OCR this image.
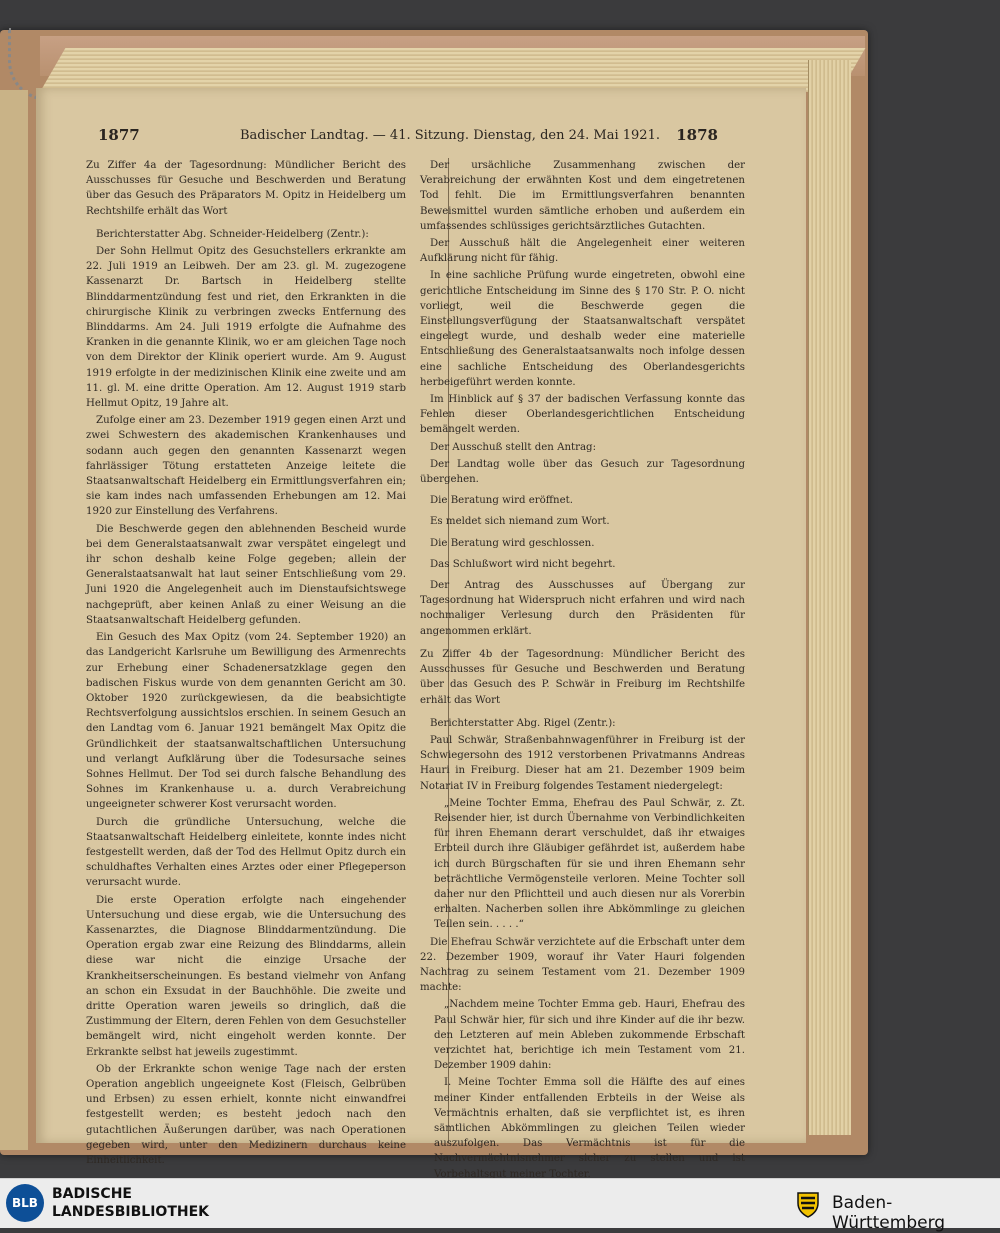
1877	Badischer Landtag. — 41. Sitzung. Dienstag, den 24. Mai 1921. 1878

Zu Ziffer 4a der Tagesordnung: Mündlicher Bericht des Ausschusses für Gesuche und Beschwerden und Beratung über das Gesuch des Präparators M. Opitz in Heidelberg um Rechtshilfe erhält das Wort

Berichterstatter Abg. Schneider-Heidelberg (Zentr.):

Der Sohn Hellmut Opitz des Gesuchstellers erkrankte am 22. Juli 1919 an Leibweh. Der am 23. gl. M. zugezogene Kassenarzt Dr. Bartsch in Heidelberg stellte Blinddarmentzündung fest und riet, den Erkrankten in die chirurgische Klinik zu verbringen zwecks Entfernung des Blinddarms. Am 24. Juli 1919 erfolgte die Aufnahme des Kranken in die genannte Klinik, wo er am gleichen Tage noch von dem Direktor der Klinik operiert wurde. Am 9. August 1919 erfolgte in der medizinischen Klinik eine zweite und am 11. gl. M. eine dritte Operation. Am 12. August 1919 starb Hellmut Opitz, 19 Jahre alt.

Zufolge einer am 23. Dezember 1919 gegen einen Arzt und zwei Schwestern des akademischen Krankenhauses und sodann auch gegen den genannten Kassenarzt wegen fahrlässiger Tötung erstatteten Anzeige leitete die Staatsanwaltschaft Heidelberg ein Ermittlungsverfahren ein; sie kam indes nach umfassenden Erhebungen am 12. Mai 1920 zur Einstellung des Verfahrens.

Die Beschwerde gegen den ablehnenden Bescheid wurde bei dem Generalstaatsanwalt zwar verspätet eingelegt und ihr schon deshalb keine Folge gegeben; allein der Generalstaatsanwalt hat laut seiner Entschließung vom 29. Juni 1920 die Angelegenheit auch im Dienstaufsichtswege nachgeprüft, aber keinen Anlaß zu einer Weisung an die Staatsanwaltschaft Heidelberg gefunden.

Ein Gesuch des Max Opitz (vom 24. September 1920) an das Landgericht Karlsruhe um Bewilligung des Armenrechts zur Erhebung einer Schadenersatzklage gegen den badischen Fiskus wurde von dem genannten Gericht am 30. Oktober 1920 zurückgewiesen, da die beabsichtigte Rechtsverfolgung aussichtslos erschien. In seinem Gesuch an den Landtag vom 6. Januar 1921 bemängelt Max Opitz die Gründlichkeit der staatsanwaltschaftlichen Untersuchung und verlangt Aufklärung über die Todesursache seines Sohnes Hellmut. Der Tod sei durch falsche Behandlung des Sohnes im Krankenhause u. a. durch Verabreichung ungeeigneter schwerer Kost verursacht worden.

Durch die gründliche Untersuchung, welche die Staatsanwaltschaft Heidelberg einleitete, konnte indes nicht festgestellt werden, daß der Tod des Hellmut Opitz durch ein schuldhaftes Verhalten eines Arztes oder einer Pflegeperson verursacht wurde.

Die erste Operation erfolgte nach eingehender Untersuchung und diese ergab, wie die Untersuchung des Kassenarztes, die Diagnose Blinddarmentzündung. Die Operation ergab zwar eine Reizung des Blinddarms, allein diese war nicht die einzige Ursache der Krankheitserscheinungen. Es bestand vielmehr von Anfang an schon ein Exsudat in der Bauchhöhle. Die zweite und dritte Operation waren jeweils so dringlich, daß die Zustimmung der Eltern, deren Fehlen von dem Gesuchsteller bemängelt wird, nicht eingeholt werden konnte. Der Erkrankte selbst hat jeweils zugestimmt.

Ob der Erkrankte schon wenige Tage nach der ersten Operation angeblich ungeeignete Kost (Fleisch, Gelbrüben und Erbsen) zu essen erhielt, konnte nicht einwandfrei festgestellt werden; es besteht jedoch nach den gutachtlichen Äußerungen darüber, was nach Operationen gegeben wird, unter den Medizinern durchaus keine Einheitlichkeit.

Der ursächliche Zusammenhang zwischen der Verabreichung der erwähnten Kost und dem eingetretenen Tod fehlt. Die im Ermittlungsverfahren benannten Beweismittel wurden sämtliche erhoben und außerdem ein umfassendes schlüssiges gerichtsärztliches Gutachten.

Der Ausschuß hält die Angelegenheit einer weiteren Aufklärung nicht für fähig.

In eine sachliche Prüfung wurde eingetreten, obwohl eine gerichtliche Entscheidung im Sinne des § 170 Str. P. O. nicht vorliegt, weil die Beschwerde gegen die Einstellungsverfügung der Staatsanwaltschaft verspätet eingelegt wurde, und deshalb weder eine materielle Entschließung des Generalstaatsanwalts noch infolge dessen eine sachliche Entscheidung des Oberlandesgerichts herbeigeführt werden konnte.

Im Hinblick auf § 37 der badischen Verfassung konnte das Fehlen dieser Oberlandesgerichtlichen Entscheidung bemängelt werden.

Der Ausschuß stellt den Antrag:

Der Landtag wolle über das Gesuch zur Tagesordnung übergehen.

Die Beratung wird eröffnet.

Es meldet sich niemand zum Wort.

Die Beratung wird geschlossen.

Das Schlußwort wird nicht begehrt.

Der Antrag des Ausschusses auf Übergang zur Tagesordnung hat Widerspruch nicht erfahren und wird nach nochmaliger Verlesung durch den Präsidenten für angenommen erklärt.

Zu Ziffer 4b der Tagesordnung: Mündlicher Bericht des Ausschusses für Gesuche und Beschwerden und Beratung über das Gesuch des P. Schwär in Freiburg im Rechtshilfe erhält das Wort

Berichterstatter Abg. Rigel (Zentr.):

Paul Schwär, Straßenbahnwagenführer in Freiburg ist der Schwiegersohn des 1912 verstorbenen Privatmanns Andreas Hauri in Freiburg. Dieser hat am 21. Dezember 1909 beim Notariat IV in Freiburg folgendes Testament niedergelegt:

„Meine Tochter Emma, Ehefrau des Paul Schwär, z. Zt. Reisender hier, ist durch Übernahme von Verbindlichkeiten für ihren Ehemann derart verschuldet, daß ihr etwaiges Erbteil durch ihre Gläubiger gefährdet ist, außerdem habe ich durch Bürgschaften für sie und ihren Ehemann sehr beträchtliche Vermögensteile verloren. Meine Tochter soll daher nur den Pflichtteil und auch diesen nur als Vorerbin erhalten. Nacherben sollen ihre Abkömmlinge zu gleichen Teilen sein. . . . .“

Die Ehefrau Schwär verzichtete auf die Erbschaft unter dem 22. Dezember 1909, worauf ihr Vater Hauri folgenden Nachtrag zu seinem Testament vom 21. Dezember 1909 machte:

„Nachdem meine Tochter Emma geb. Hauri, Ehefrau des Paul Schwär hier, für sich und ihre Kinder auf die ihr bezw. den Letzteren auf mein Ableben zukommende Erbschaft verzichtet hat, berichtige ich mein Testament vom 21. Dezember 1909 dahin:

I. Meine Tochter Emma soll die Hälfte des auf eines meiner Kinder entfallenden Erbteils in der Weise als Vermächtnis erhalten, daß sie verpflichtet ist, es ihren sämtlichen Abkömmlingen zu gleichen Teilen wieder auszufolgen. Das Vermächtnis ist für die Nachvermächtnisnehmer sicher zu stellen und ist Vorbehaltsgut meiner Tochter.

BLB
BADISCHE
LANDESBIBLIOTHEK	Baden-Württemberg
